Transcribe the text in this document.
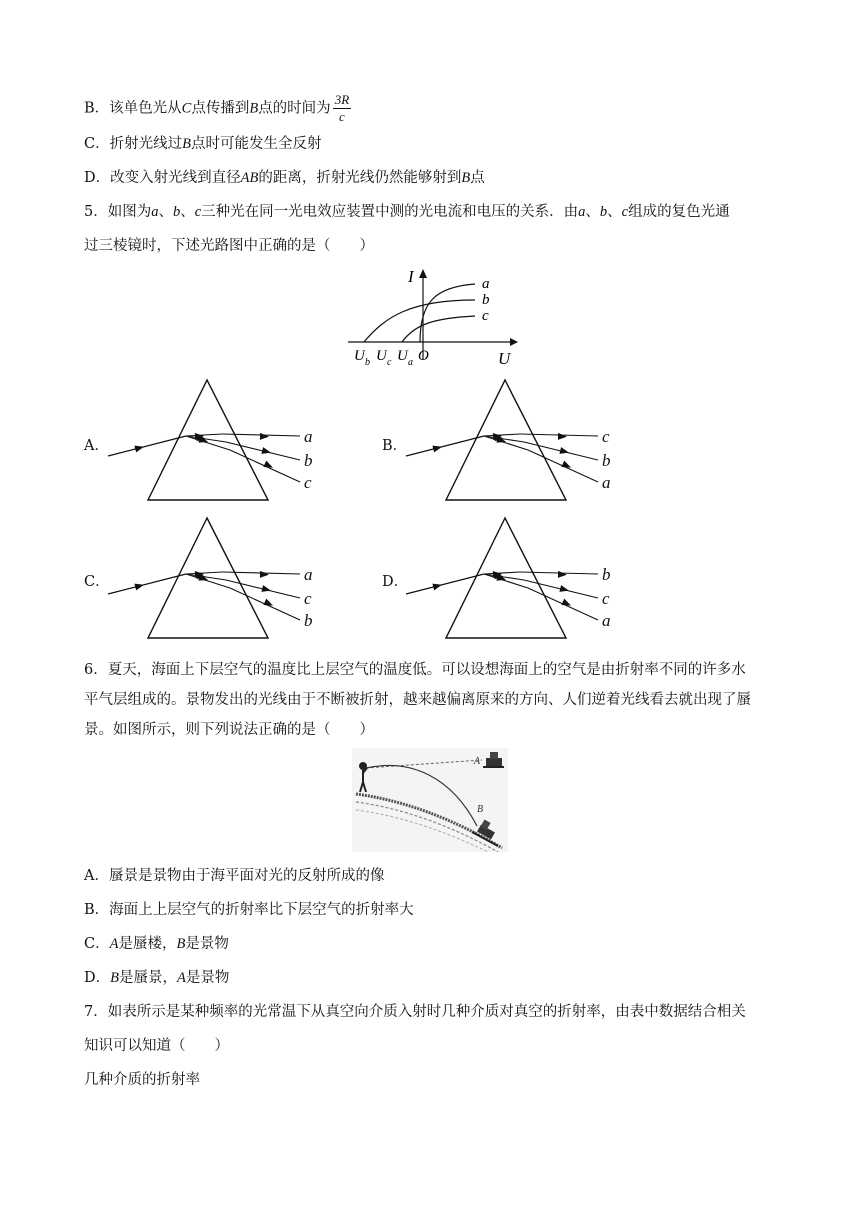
B．该单色光从C点传播到B点的时间为 $\frac{3R}{c}$
C．折射光线过B点时可能发生全反射
D．改变入射光线到直径AB的距离，折射光线仍然能够射到B点
5．如图为a、b、c三种光在同一光电效应装置中测的光电流和电压的关系．由a、b、c组成的复色光通
过三棱镜时，下述光路图中正确的是（　　）
I
U
O
a
b
c
U b U c U a
A．	B．
C．	D．
a
b
c
c
b
a
a
c
b
b
c
a
6．夏天，海面上下层空气的温度比上层空气的温度低。可以设想海面上的空气是由折射率不同的许多水
平气层组成的。景物发出的光线由于不断被折射，越来越偏离原来的方向、人们逆着光线看去就出现了蜃
景。如图所示，则下列说法正确的是（　　）
A
B
A．蜃景是景物由于海平面对光的反射所成的像
B．海面上上层空气的折射率比下层空气的折射率大
C．A是蜃楼，B是景物
D．B是蜃景，A是景物
7．如表所示是某种频率的光常温下从真空向介质入射时几种介质对真空的折射率，由表中数据结合相关
知识可以知道（　　）
几种介质的折射率
